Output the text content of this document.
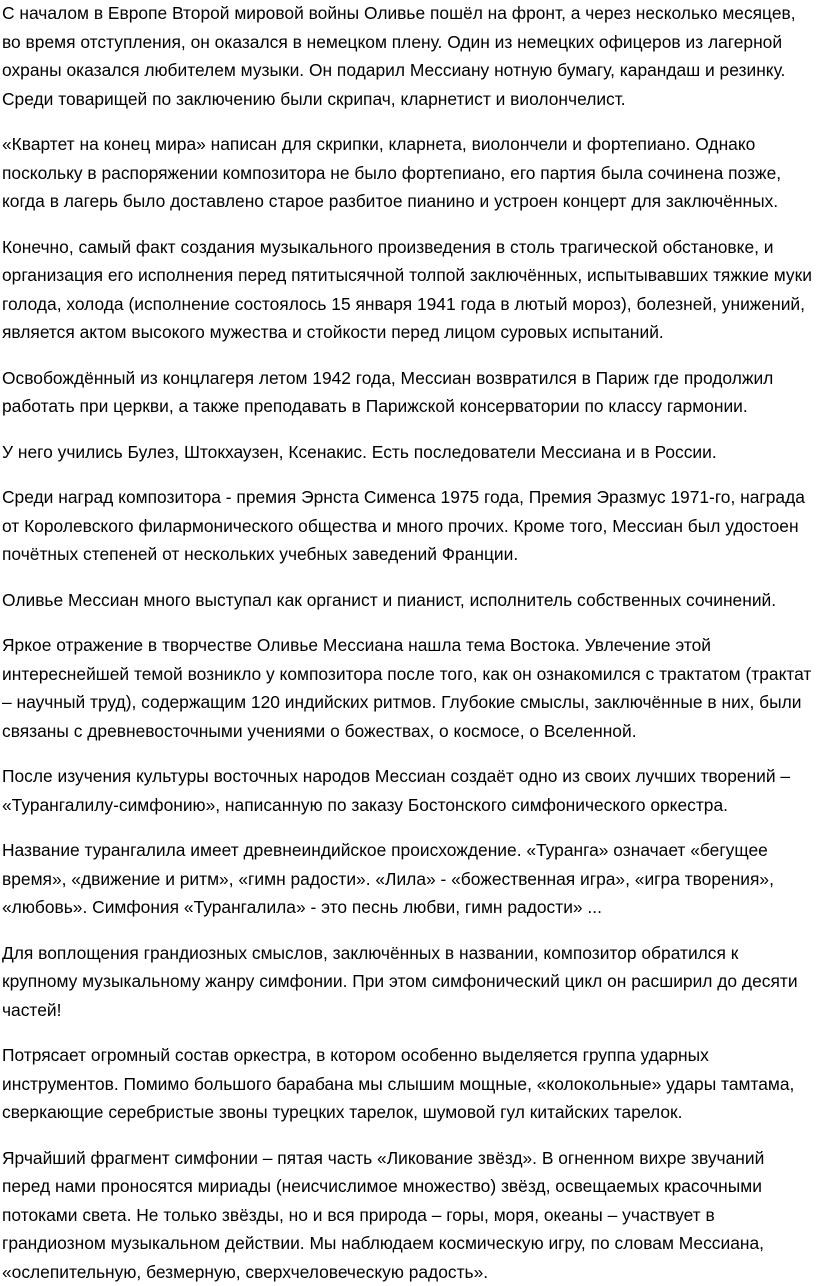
С началом в Европе Второй мировой войны Оливье пошёл на фронт, а через несколько месяцев, во время отступления, он оказался в немецком плену. Один из немецких офицеров из лагерной охраны оказался любителем музыки. Он подарил Мессиану нотную бумагу, карандаш и резинку. Среди товарищей по заключению были скрипач, кларнетист и виолончелист.

«Квартет на конец мира» написан для скрипки, кларнета, виолончели и фортепиано. Однако поскольку в распоряжении композитора не было фортепиано, его партия была сочинена позже, когда в лагерь было доставлено старое разбитое пианино и устроен концерт для заключённых.

Конечно, самый факт создания музыкального произведения в столь трагической обстановке, и организация его исполнения перед пятитысячной толпой заключённых, испытывавших тяжкие муки голода, холода (исполнение состоялось 15 января 1941 года в лютый мороз), болезней, унижений, является актом высокого мужества и стойкости перед лицом суровых испытаний.

Освобождённый из концлагеря летом 1942 года, Мессиан возвратился в Париж где продолжил работать при церкви, а также преподавать в Парижской консерватории по классу гармонии.

У него учились Булез, Штокхаузен, Ксенакис. Есть последователи Мессиана и в России.

Среди наград композитора - премия Эрнста Сименса 1975 года, Премия Эразмус 1971-го, награда от Королевского филармонического общества и много прочих. Кроме того, Мессиан был удостоен почётных степеней от нескольких учебных заведений Франции.

Оливье Мессиан много выступал как органист и пианист, исполнитель собственных сочинений.

Яркое отражение в творчестве Оливье Мессиана нашла тема Востока. Увлечение этой интереснейшей темой возникло у композитора после того, как он ознакомился с трактатом (трактат – научный труд), содержащим 120 индийских ритмов. Глубокие смыслы, заключённые в них, были связаны с древневосточными учениями о божествах, о космосе, о Вселенной.

После изучения культуры восточных народов Мессиан создаёт одно из своих лучших творений – «Турангалилу-симфонию», написанную по заказу Бостонского симфонического оркестра.

Название турангалила имеет древнеиндийское происхождение. «Туранга» означает «бегущее время», «движение и ритм», «гимн радости». «Лила» - «божественная игра», «игра творения», «любовь». Симфония «Турангалила» - это песнь любви, гимн радости» ...

Для воплощения грандиозных смыслов, заключённых в названии, композитор обратился к крупному музыкальному жанру симфонии. При этом симфонический цикл он расширил до десяти частей!

Потрясает огромный состав оркестра, в котором особенно выделяется группа ударных инструментов. Помимо большого барабана мы слышим мощные, «колокольные» удары тамтама, сверкающие серебристые звоны турецких тарелок, шумовой гул китайских тарелок.

Ярчайший фрагмент симфонии – пятая часть «Ликование звёзд». В огненном вихре звучаний перед нами проносятся мириады (неисчислимое множество) звёзд, освещаемых красочными потоками света. Не только звёзды, но и вся природа – горы, моря, океаны – участвует в грандиозном музыкальном действии. Мы наблюдаем космическую игру, по словам Мессиана, «ослепительную, безмерную, сверхчеловеческую радость».
